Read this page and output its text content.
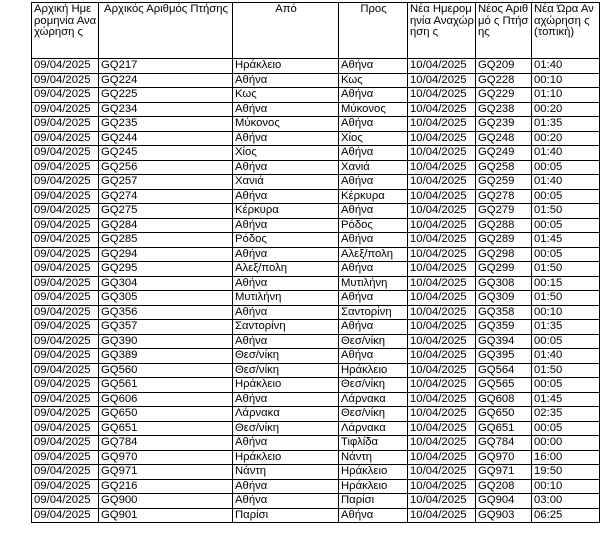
Αρχική Ημερομηνία Αναχώρηση ς	Αρχικός Αριθμός Πτήσης	Από	Προς	Νέα Ημερομηνία Αναχώρηση ς	Νέος Αριθμό ς Πτήσης	Νέα Ώρα Αναχώρηση ς (τοπική)
09/04/2025	GQ217	Ηράκλειο	Αθήνα	10/04/2025	GQ209	01:40
09/04/2025	GQ224	Αθήνα	Κως	10/04/2025	GQ228	00:10
09/04/2025	GQ225	Κως	Αθήνα	10/04/2025	GQ229	01:10
09/04/2025	GQ234	Αθήνα	Μύκονος	10/04/2025	GQ238	00:20
09/04/2025	GQ235	Μύκονος	Αθήνα	10/04/2025	GQ239	01:35
09/04/2025	GQ244	Αθήνα	Χίος	10/04/2025	GQ248	00:20
09/04/2025	GQ245	Χίος	Αθήνα	10/04/2025	GQ249	01:40
09/04/2025	GQ256	Αθήνα	Χανιά	10/04/2025	GQ258	00:05
09/04/2025	GQ257	Χανιά	Αθήνα	10/04/2025	GQ259	01:40
09/04/2025	GQ274	Αθήνα	Κέρκυρα	10/04/2025	GQ278	00:05
09/04/2025	GQ275	Κέρκυρα	Αθήνα	10/04/2025	GQ279	01:50
09/04/2025	GQ284	Αθήνα	Ρόδος	10/04/2025	GQ288	00:05
09/04/2025	GQ285	Ρόδος	Αθήνα	10/04/2025	GQ289	01:45
09/04/2025	GQ294	Αθήνα	Αλεξ/πολη	10/04/2025	GQ298	00:05
09/04/2025	GQ295	Αλεξ/πολη	Αθήνα	10/04/2025	GQ299	01:50
09/04/2025	GQ304	Αθήνα	Μυτιλήνη	10/04/2025	GQ308	00:15
09/04/2025	GQ305	Μυτιλήνη	Αθήνα	10/04/2025	GQ309	01:50
09/04/2025	GQ356	Αθήνα	Σαντορίνη	10/04/2025	GQ358	00:10
09/04/2025	GQ357	Σαντορίνη	Αθήνα	10/04/2025	GQ359	01:35
09/04/2025	GQ390	Αθήνα	Θεσ/νίκη	10/04/2025	GQ394	00:05
09/04/2025	GQ389	Θεσ/νίκη	Αθήνα	10/04/2025	GQ395	01:40
09/04/2025	GQ560	Θεσ/νίκη	Ηράκλειο	10/04/2025	GQ564	01:50
09/04/2025	GQ561	Ηράκλειο	Θεσ/νίκη	10/04/2025	GQ565	00:05
09/04/2025	GQ606	Αθήνα	Λάρνακα	10/04/2025	GQ608	01:45
09/04/2025	GQ650	Λάρνακα	Θεσ/νίκη	10/04/2025	GQ650	02:35
09/04/2025	GQ651	Θεσ/νίκη	Λάρνακα	10/04/2025	GQ651	00:05
09/04/2025	GQ784	Αθήνα	Τιφλίδα	10/04/2025	GQ784	00:00
09/04/2025	GQ970	Ηράκλειο	Νάντη	10/04/2025	GQ970	16:00
09/04/2025	GQ971	Νάντη	Ηράκλειο	10/04/2025	GQ971	19:50
09/04/2025	GQ216	Αθήνα	Ηράκλειο	10/04/2025	GQ208	00:10
09/04/2025	GQ900	Αθήνα	Παρίσι	10/04/2025	GQ904	03:00
09/04/2025	GQ901	Παρίσι	Αθήνα	10/04/2025	GQ903	06:25
